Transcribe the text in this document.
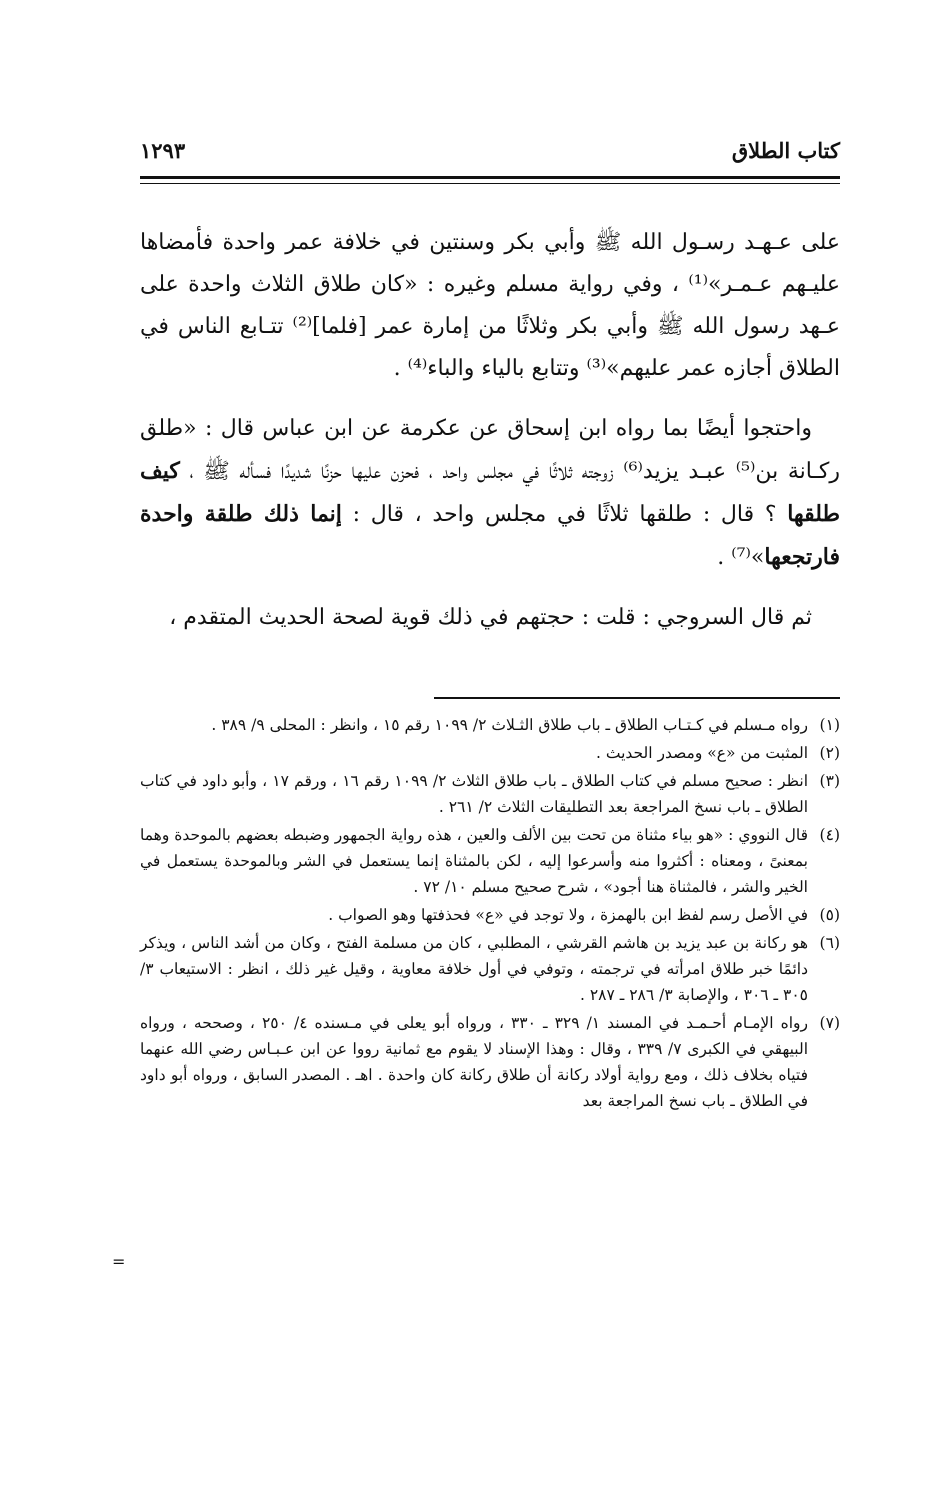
كتاب الطلاق
١٢٩٣

على عـهـد رسـول الله ﷺ وأبي بكر وسنتين في خلافة عمر واحدة فأمضاها عليـهم عـمـر»⁽¹⁾ ، وفي رواية مسلم وغيره : «كان طلاق الثلاث واحدة على عـهد رسول الله ﷺ وأبي بكر وثلاثًا من إمارة عمر [فلما]⁽²⁾ تتـابع الناس في الطلاق أجازه عمر عليهم»⁽³⁾ وتتابع بالياء والباء⁽⁴⁾ .

واحتجوا أيضًا بما رواه ابن إسحاق عن عكرمة عن ابن عباس قال : «طلق ركـانة بن⁽⁵⁾ عبـد يزيد⁽⁶⁾ زوجته ثلاثًا في مجلس واحد ، فحزن عليها حزنًا شديدًا فسأله ﷺ ، كيف طلقها ؟ قال : طلقها ثلاثًا في مجلس واحد ، قال : إنما ذلك طلقة واحدة فارتجعها»⁽⁷⁾ .

ثم قال السروجي : قلت : حجتهم في ذلك قوية لصحة الحديث المتقدم ،

(١)
رواه مـسلم في كـتـاب الطلاق ـ باب طلاق الثـلاث ٢/ ١٠٩٩ رقم ١٥ ، وانظر : المحلى ٩/ ٣٨٩ .
(٢)
المثبت من «ع» ومصدر الحديث .
(٣)
انظر : صحيح مسلم في كتاب الطلاق ـ باب طلاق الثلاث ٢/ ١٠٩٩ رقم ١٦ ، ورقم ١٧ ، وأبو داود في كتاب الطلاق ـ باب نسخ المراجعة بعد التطليقات الثلاث ٢/ ٢٦١ .
(٤)
قال النووي : «هو بياء مثناة من تحت بين الألف والعين ، هذه رواية الجمهور وضبطه بعضهم بالموحدة وهما بمعنىً ، ومعناه : أكثروا منه وأسرعوا إليه ، لكن بالمثناة إنما يستعمل في الشر وبالموحدة يستعمل في الخير والشر ، فالمثناة هنا أجود» ، شرح صحيح مسلم ١٠/ ٧٢ .
(٥)
في الأصل رسم لفظ ابن بالهمزة ، ولا توجد في «ع» فحذفتها وهو الصواب .
(٦)
هو ركانة بن عبد يزيد بن هاشم القرشي ، المطلبي ، كان من مسلمة الفتح ، وكان من أشد الناس ، ويذكر دائمًا خبر طلاق امرأته في ترجمته ، وتوفي في أول خلافة معاوية ، وقيل غير ذلك ، انظر : الاستيعاب ٣/ ٣٠٥ ـ ٣٠٦ ، والإصابة ٣/ ٢٨٦ ـ ٢٨٧ .
(٧)
رواه الإمـام أحـمـد في المسند ١/ ٣٢٩ ـ ٣٣٠ ، ورواه أبو يعلى في مـسنده ٤/ ٢٥٠ ، وصححه ، ورواه البيهقي في الكبرى ٧/ ٣٣٩ ، وقال : وهذا الإسناد لا يقوم مع ثمانية رووا عن ابن عـبـاس رضي الله عنهما فتياه بخلاف ذلك ، ومع رواية أولاد ركانة أن طلاق ركانة كان واحدة . اهـ . المصدر السابق ، ورواه أبو داود في الطلاق ـ باب نسخ المراجعة بعد
=
